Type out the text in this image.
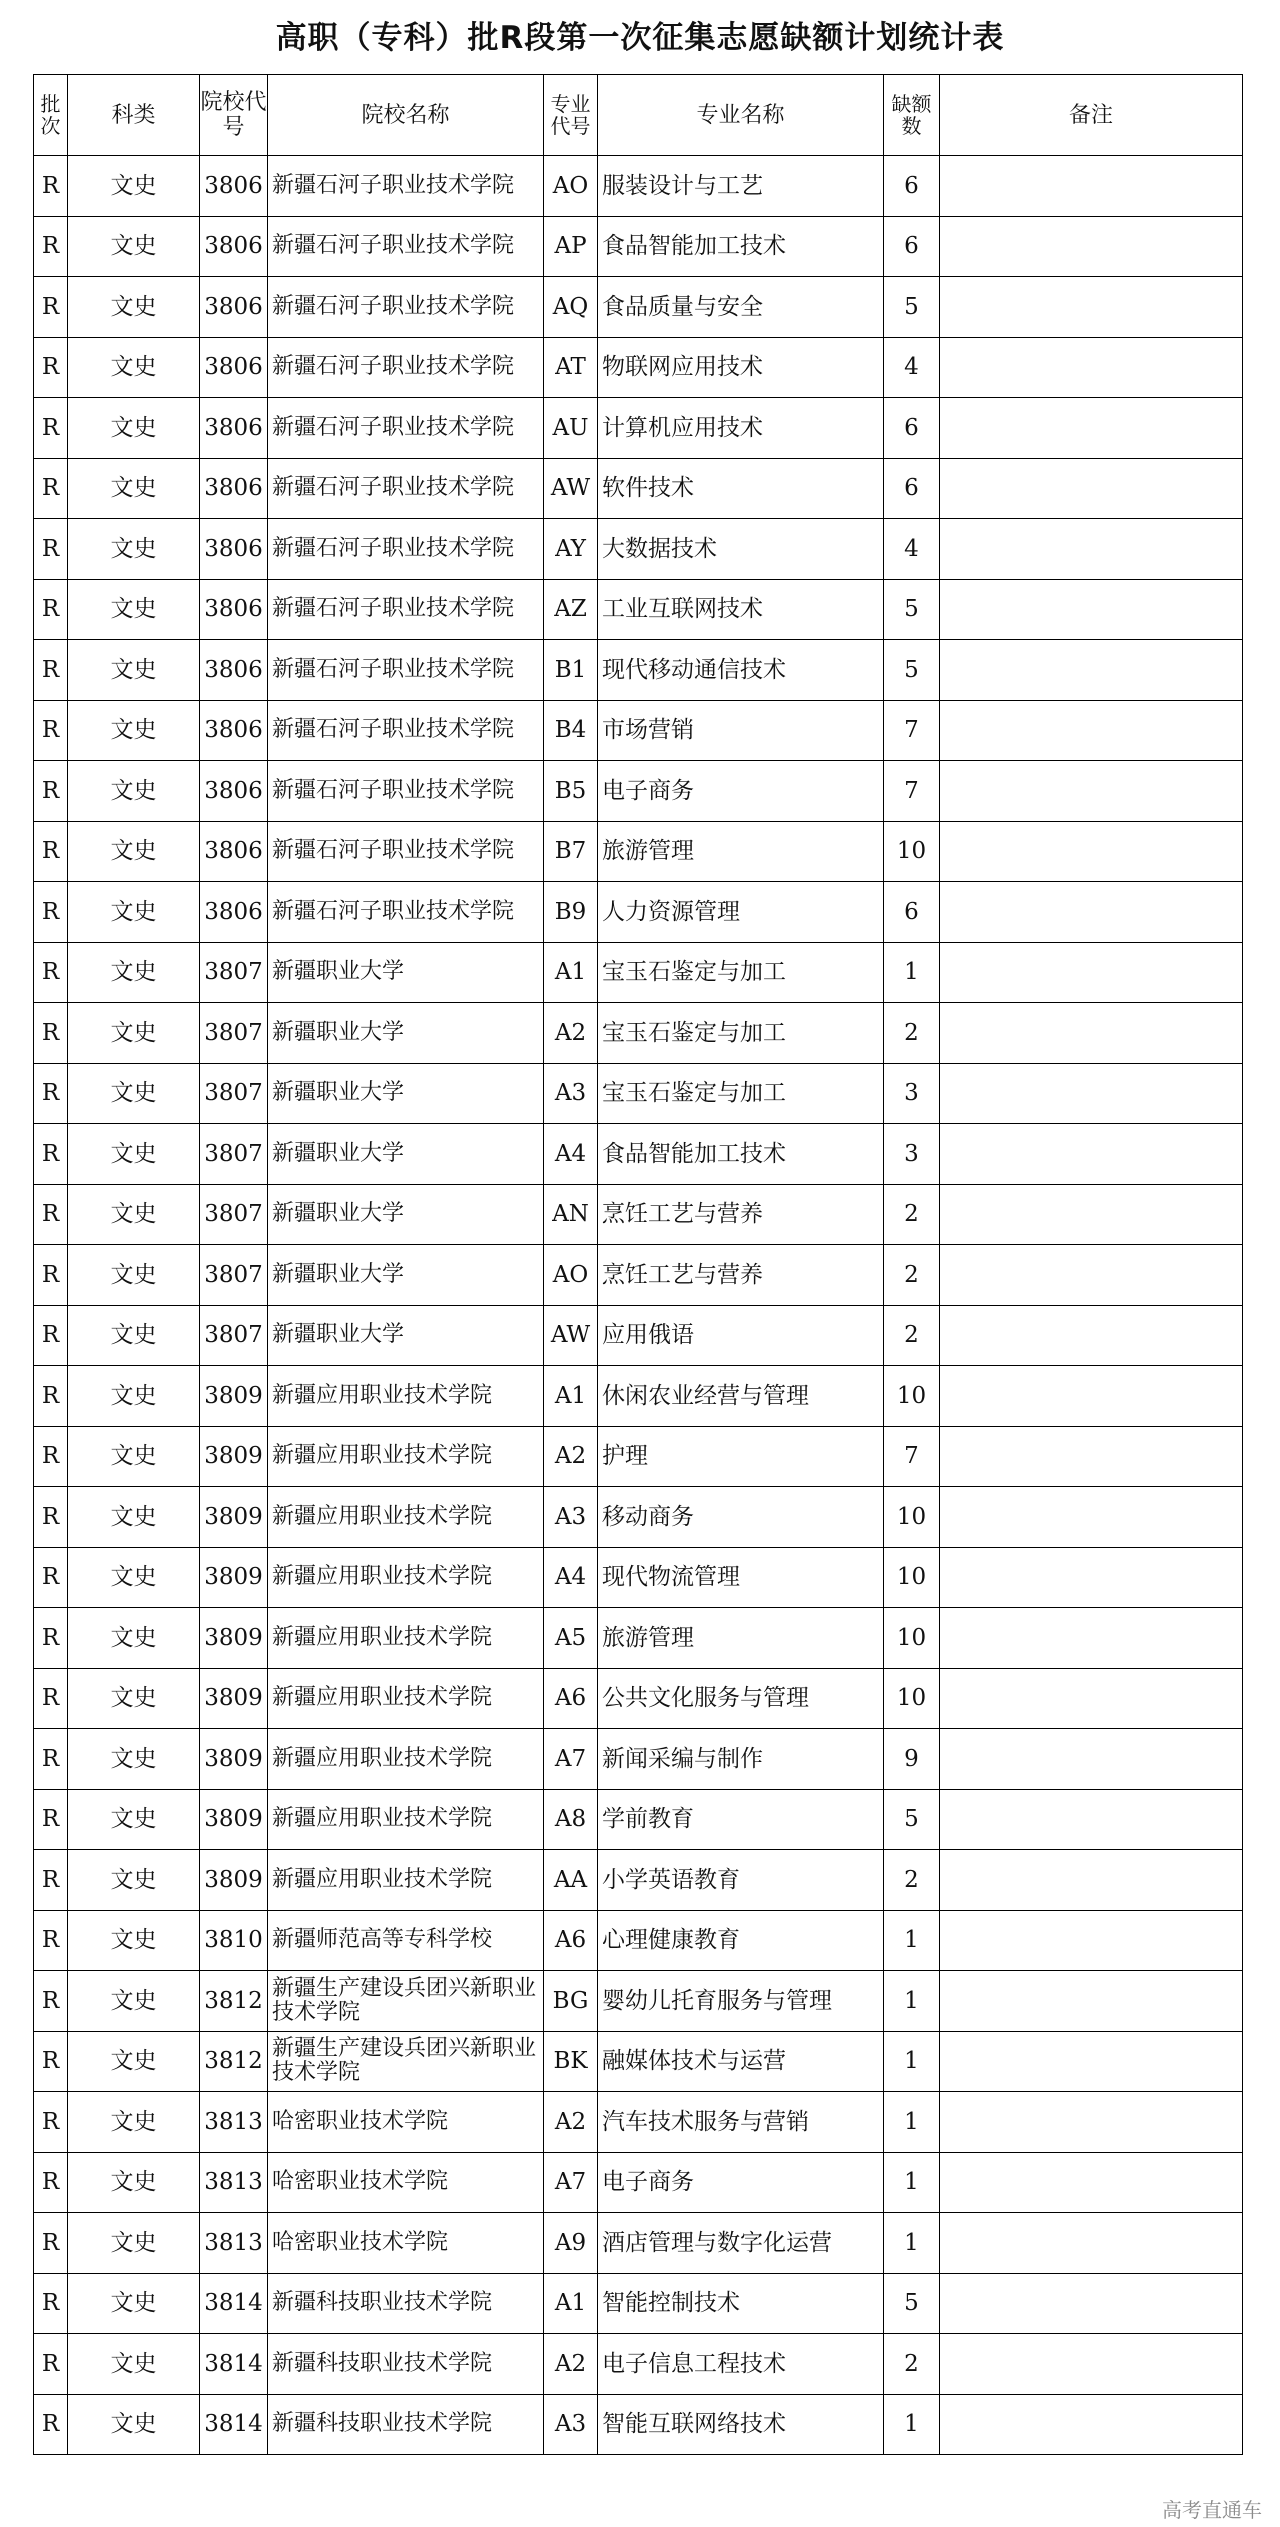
高职（专科）批R段第一次征集志愿缺额计划统计表
批次	科类	院校代号	院校名称	专业代号	专业名称	缺额数	备注
R	文史	3806	新疆石河子职业技术学院	AO	服装设计与工艺	6	
R	文史	3806	新疆石河子职业技术学院	AP	食品智能加工技术	6	
R	文史	3806	新疆石河子职业技术学院	AQ	食品质量与安全	5	
R	文史	3806	新疆石河子职业技术学院	AT	物联网应用技术	4	
R	文史	3806	新疆石河子职业技术学院	AU	计算机应用技术	6	
R	文史	3806	新疆石河子职业技术学院	AW	软件技术	6	
R	文史	3806	新疆石河子职业技术学院	AY	大数据技术	4	
R	文史	3806	新疆石河子职业技术学院	AZ	工业互联网技术	5	
R	文史	3806	新疆石河子职业技术学院	B1	现代移动通信技术	5	
R	文史	3806	新疆石河子职业技术学院	B4	市场营销	7	
R	文史	3806	新疆石河子职业技术学院	B5	电子商务	7	
R	文史	3806	新疆石河子职业技术学院	B7	旅游管理	10	
R	文史	3806	新疆石河子职业技术学院	B9	人力资源管理	6	
R	文史	3807	新疆职业大学	A1	宝玉石鉴定与加工	1	
R	文史	3807	新疆职业大学	A2	宝玉石鉴定与加工	2	
R	文史	3807	新疆职业大学	A3	宝玉石鉴定与加工	3	
R	文史	3807	新疆职业大学	A4	食品智能加工技术	3	
R	文史	3807	新疆职业大学	AN	烹饪工艺与营养	2	
R	文史	3807	新疆职业大学	AO	烹饪工艺与营养	2	
R	文史	3807	新疆职业大学	AW	应用俄语	2	
R	文史	3809	新疆应用职业技术学院	A1	休闲农业经营与管理	10	
R	文史	3809	新疆应用职业技术学院	A2	护理	7	
R	文史	3809	新疆应用职业技术学院	A3	移动商务	10	
R	文史	3809	新疆应用职业技术学院	A4	现代物流管理	10	
R	文史	3809	新疆应用职业技术学院	A5	旅游管理	10	
R	文史	3809	新疆应用职业技术学院	A6	公共文化服务与管理	10	
R	文史	3809	新疆应用职业技术学院	A7	新闻采编与制作	9	
R	文史	3809	新疆应用职业技术学院	A8	学前教育	5	
R	文史	3809	新疆应用职业技术学院	AA	小学英语教育	2	
R	文史	3810	新疆师范高等专科学校	A6	心理健康教育	1	
R	文史	3812	新疆生产建设兵团兴新职业技术学院	BG	婴幼儿托育服务与管理	1	
R	文史	3812	新疆生产建设兵团兴新职业技术学院	BK	融媒体技术与运营	1	
R	文史	3813	哈密职业技术学院	A2	汽车技术服务与营销	1	
R	文史	3813	哈密职业技术学院	A7	电子商务	1	
R	文史	3813	哈密职业技术学院	A9	酒店管理与数字化运营	1	
R	文史	3814	新疆科技职业技术学院	A1	智能控制技术	5	
R	文史	3814	新疆科技职业技术学院	A2	电子信息工程技术	2	
R	文史	3814	新疆科技职业技术学院	A3	智能互联网络技术	1	
高考直通车
